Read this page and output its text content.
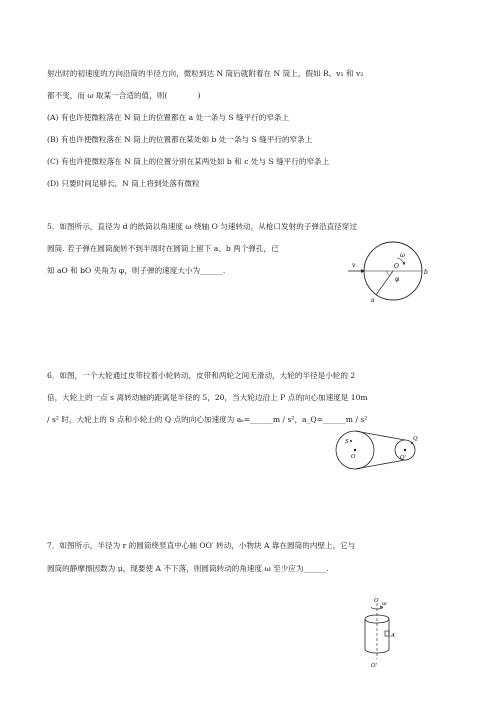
射出时的初速度的方向沿筒的半径方向，微粒到达 N 筒后就附着在 N 筒上，假如 R、v₁ 和 v₂
都不变，而 ω 取某一合适的值，则(　　　　)
(A) 有也许使微粒落在 N 筒上的位置都在 a 处一条与 S 缝平行的窄条上
(B) 有也许使微粒落在 N 筒上的位置都在某处如 b 处一条与 S 缝平行的窄条上
(C) 有也许使微粒落在 N 筒上的位置分别在某两处如 b 和 c 处与 S 缝平行的窄条上
(D) 只要时间足够长，N 筒上将到处落有微粒
5．如图所示，直径为 d 的纸筒以角速度 ω 绕轴 O 匀速转动，从枪口发射的子弹沿直径穿过
圆筒. 若子弹在圆筒旋转不到半周时在圆筒上留下 a、b 两个弹孔，已
知 aO 和 bO 夹角为 φ，则子弹的速度大小为______.
v
ω
φ
O
b
a
6．如图，一个大轮通过皮带拉着小轮转动，皮带和两轮之间无滑动，大轮的半径是小轮的 2
倍，大轮上的一点 s 离转动轴的距离是半径的 5，20，当大轮边沿上 P 点的向心加速度是 10m
/ s² 时，大轮上的 S 点和小轮上的 Q 点的向心加速度为 aₛ=______m / s²，a_Q=______m / s²
S
O	O'
Q
7．如图所示，半径为 r 的圆筒绕竖直中心轴 OO′ 转动，小物块 A 靠在圆筒的内壁上，它与
圆筒的静摩擦因数为 μ，现要使 A 不下落，则圆筒转动的角速度 ω 至少应为______.
A
ω
O
O'
